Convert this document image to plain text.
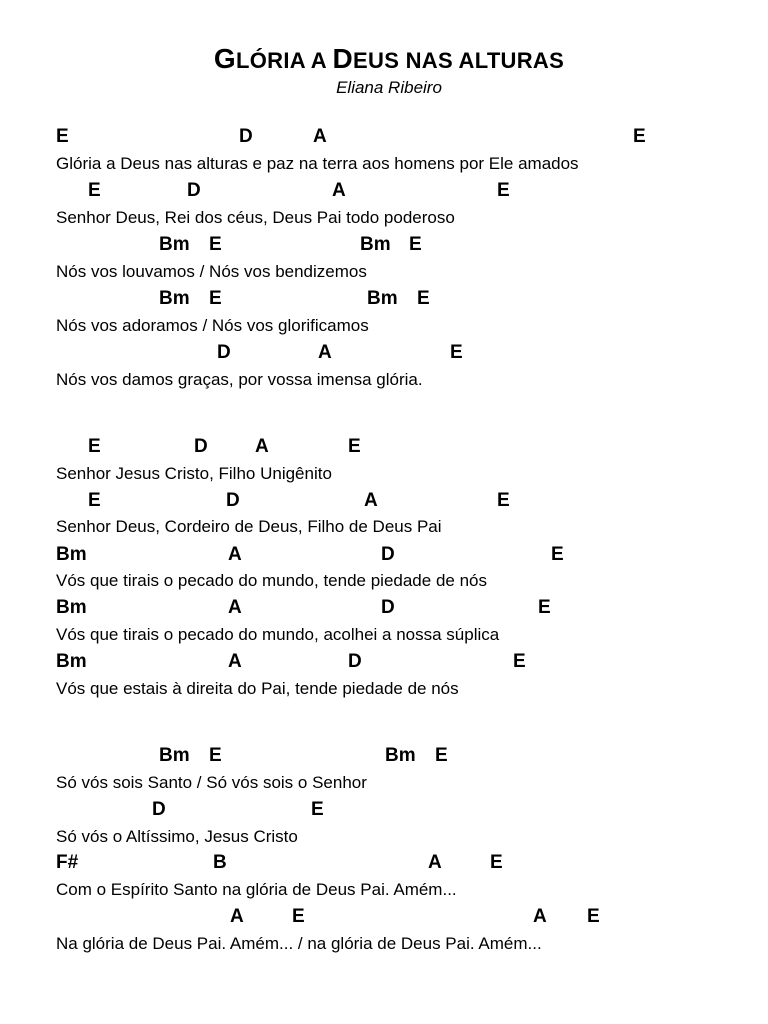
GLÓRIA A DEUS NAS ALTURAS
Eliana Ribeiro
E	D	A	E
Glória a Deus nas alturas e paz na terra aos homens por Ele amados
E	D	A	E
Senhor Deus, Rei dos céus, Deus Pai todo poderoso
Bm E	Bm E
Nós vos louvamos / Nós vos bendizemos
Bm E	Bm E
Nós vos adoramos / Nós vos glorificamos
D	A	E
Nós vos damos graças, por vossa imensa glória.
E	D A	E
Senhor Jesus Cristo, Filho Unigênito
E	D	A	E
Senhor Deus, Cordeiro de Deus, Filho de Deus Pai
Bm	A	D	E
Vós que tirais o pecado do mundo, tende piedade de nós
Bm	A	D	E
Vós que tirais o pecado do mundo, acolhei a nossa súplica
Bm	A	D	E
Vós que estais à direita do Pai, tende piedade de nós
Bm E	Bm E
Só vós sois Santo / Só vós sois o Senhor
D	E
Só vós o Altíssimo, Jesus Cristo
F#	B	A	E
Com o Espírito Santo na glória de Deus Pai. Amém...
A	E	A E
Na glória de Deus Pai. Amém... / na glória de Deus Pai. Amém...
